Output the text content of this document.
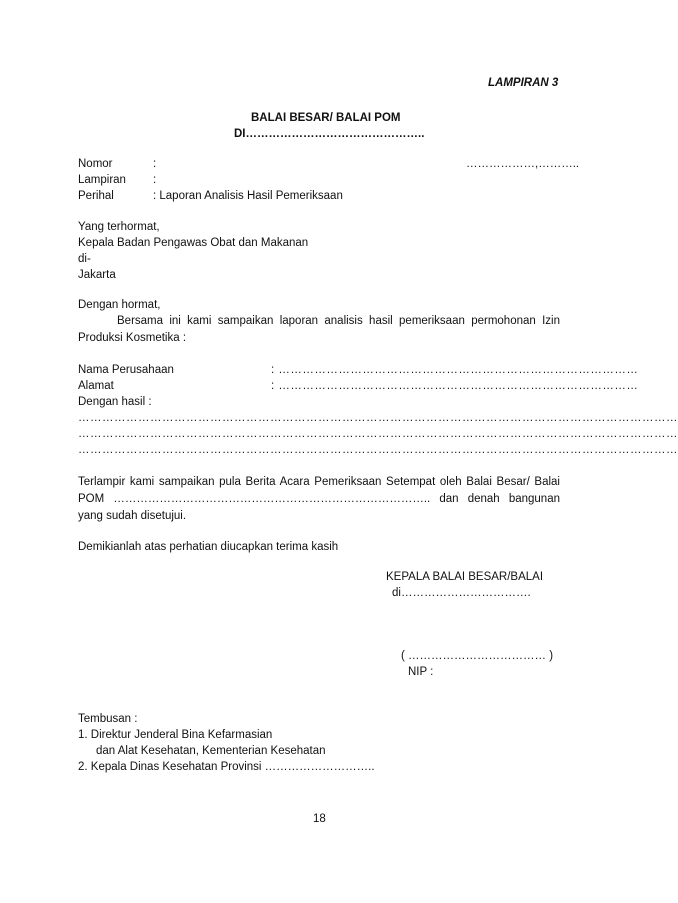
LAMPIRAN 3
BALAI BESAR/ BALAI POM
DI………………………………………..
Nomor	:	………………,………..
Lampiran :
Perihal	: Laporan Analisis Hasil Pemeriksaan
Yang terhormat,
Kepala Badan Pengawas Obat dan Makanan
di-
Jakarta
Dengan hormat,
Bersama ini kami sampaikan laporan analisis hasil pemeriksaan permohonan Izin Produksi Kosmetika :
Nama Perusahaan	: ………………………………………………………………………………
Alamat	: ………………………………………………………………………………
Dengan hasil :
……………………………………………………………………………………………………………………………………
……………………………………………………………………………………………………………………………………
……………………………………………………………………………………………………………………………………
Terlampir kami sampaikan pula Berita Acara Pemeriksaan Setempat oleh Balai Besar/ Balai POM ……………………………………………………………………….. dan denah bangunan yang sudah disetujui.
Demikianlah atas perhatian diucapkan terima kasih
KEPALA BALAI BESAR/BALAI
di…………………………….
( ……………………………… )
NIP :
Tembusan :
1. Direktur Jenderal Bina Kefarmasian
dan Alat Kesehatan, Kementerian Kesehatan
2. Kepala Dinas Kesehatan Provinsi ………………………..
18
